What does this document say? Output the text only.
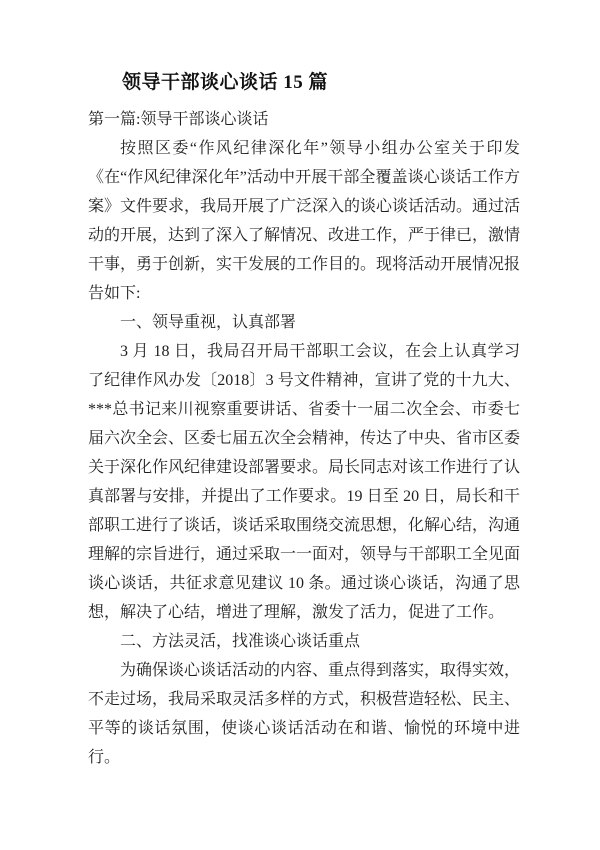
领导干部谈心谈话 15 篇

第一篇:领导干部谈心谈话

按照区委“作风纪律深化年”领导小组办公室关于印发《在“作风纪律深化年”活动中开展干部全覆盖谈心谈话工作方案》文件要求，我局开展了广泛深入的谈心谈话活动。通过活动的开展，达到了深入了解情况、改进工作，严于律已，激情干事，勇于创新，实干发展的工作目的。现将活动开展情况报告如下:

一、领导重视，认真部署

3 月 18 日，我局召开局干部职工会议，在会上认真学习了纪律作风办发〔2018〕3 号文件精神，宣讲了党的十九大、***总书记来川视察重要讲话、省委十一届二次全会、市委七届六次全会、区委七届五次全会精神，传达了中央、省市区委关于深化作风纪律建设部署要求。局长同志对该工作进行了认真部署与安排，并提出了工作要求。19 日至 20 日，局长和干部职工进行了谈话，谈话采取围绕交流思想，化解心结，沟通理解的宗旨进行，通过采取一一面对，领导与干部职工全见面谈心谈话，共征求意见建议 10 条。通过谈心谈话，沟通了思想，解决了心结，增进了理解，激发了活力，促进了工作。

二、方法灵活，找准谈心谈话重点

为确保谈心谈话活动的内容、重点得到落实，取得实效，不走过场，我局采取灵活多样的方式，积极营造轻松、民主、平等的谈话氛围，使谈心谈话活动在和谐、愉悦的环境中进行。
